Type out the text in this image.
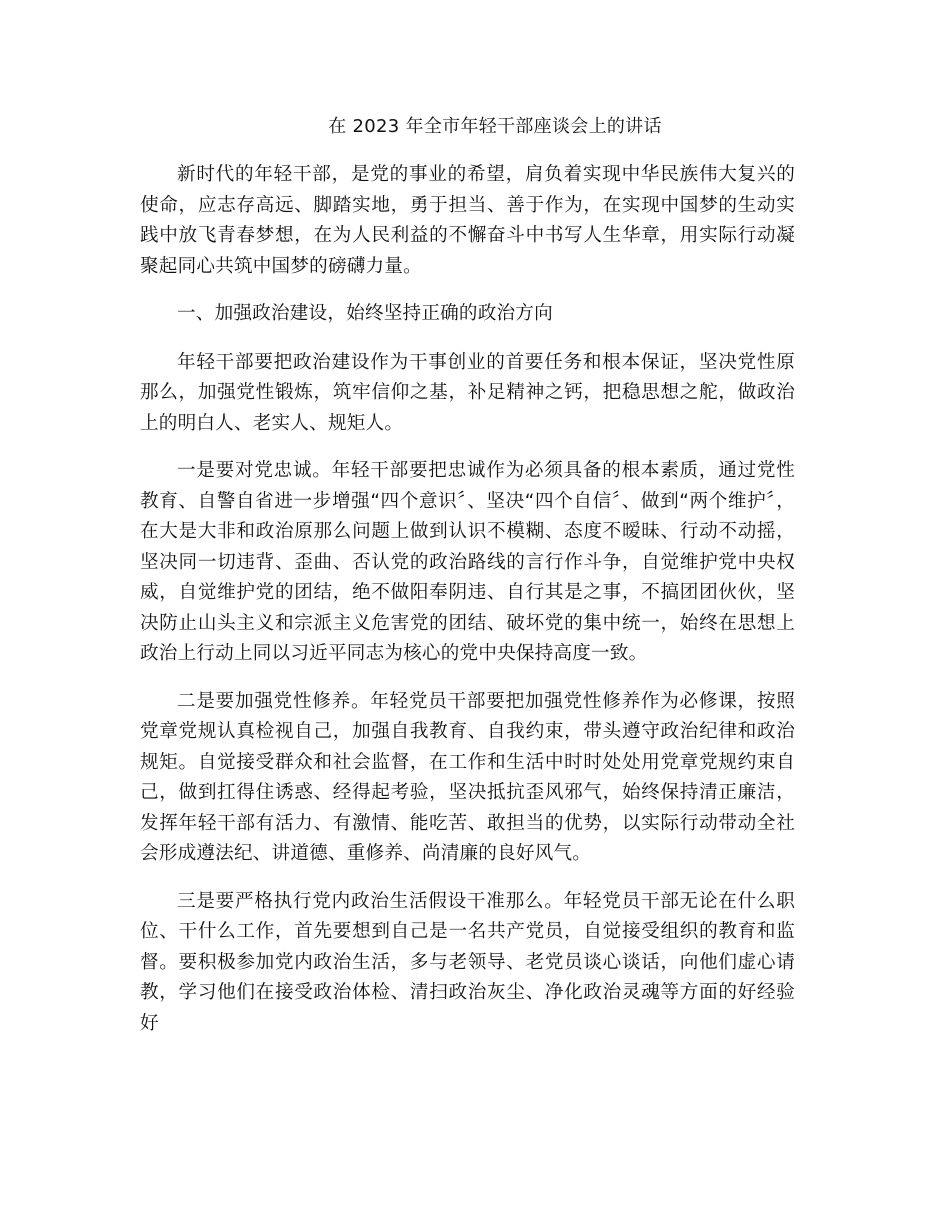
在 2023 年全市年轻干部座谈会上的讲话

新时代的年轻干部，是党的事业的希望，肩负着实现中华民族伟大复兴的使命，应志存高远、脚踏实地，勇于担当、善于作为，在实现中国梦的生动实践中放飞青春梦想，在为人民利益的不懈奋斗中书写人生华章，用实际行动凝聚起同心共筑中国梦的磅礴力量。

一、加强政治建设，始终坚持正确的政治方向

年轻干部要把政治建设作为干事创业的首要任务和根本保证，坚决党性原那么，加强党性锻炼，筑牢信仰之基，补足精神之钙，把稳思想之舵，做政治上的明白人、老实人、规矩人。

一是要对党忠诚。年轻干部要把忠诚作为必须具备的根本素质，通过党性教育、自警自省进一步增强“四个意识〞、坚决“四个自信〞、做到“两个维护〞，在大是大非和政治原那么问题上做到认识不模糊、态度不暧昧、行动不动摇，坚决同一切违背、歪曲、否认党的政治路线的言行作斗争，自觉维护党中央权威，自觉维护党的团结，绝不做阳奉阴违、自行其是之事，不搞团团伙伙，坚决防止山头主义和宗派主义危害党的团结、破坏党的集中统一，始终在思想上政治上行动上同以习近平同志为核心的党中央保持高度一致。

二是要加强党性修养。年轻党员干部要把加强党性修养作为必修课，按照党章党规认真检视自己，加强自我教育、自我约束，带头遵守政治纪律和政治规矩。自觉接受群众和社会监督，在工作和生活中时时处处用党章党规约束自己，做到扛得住诱惑、经得起考验，坚决抵抗歪风邪气，始终保持清正廉洁，发挥年轻干部有活力、有激情、能吃苦、敢担当的优势，以实际行动带动全社会形成遵法纪、讲道德、重修养、尚清廉的良好风气。

三是要严格执行党内政治生活假设干准那么。年轻党员干部无论在什么职位、干什么工作，首先要想到自己是一名共产党员，自觉接受组织的教育和监督。要积极参加党内政治生活，多与老领导、老党员谈心谈话，向他们虚心请教，学习他们在接受政治体检、清扫政治灰尘、净化政治灵魂等方面的好经验好
